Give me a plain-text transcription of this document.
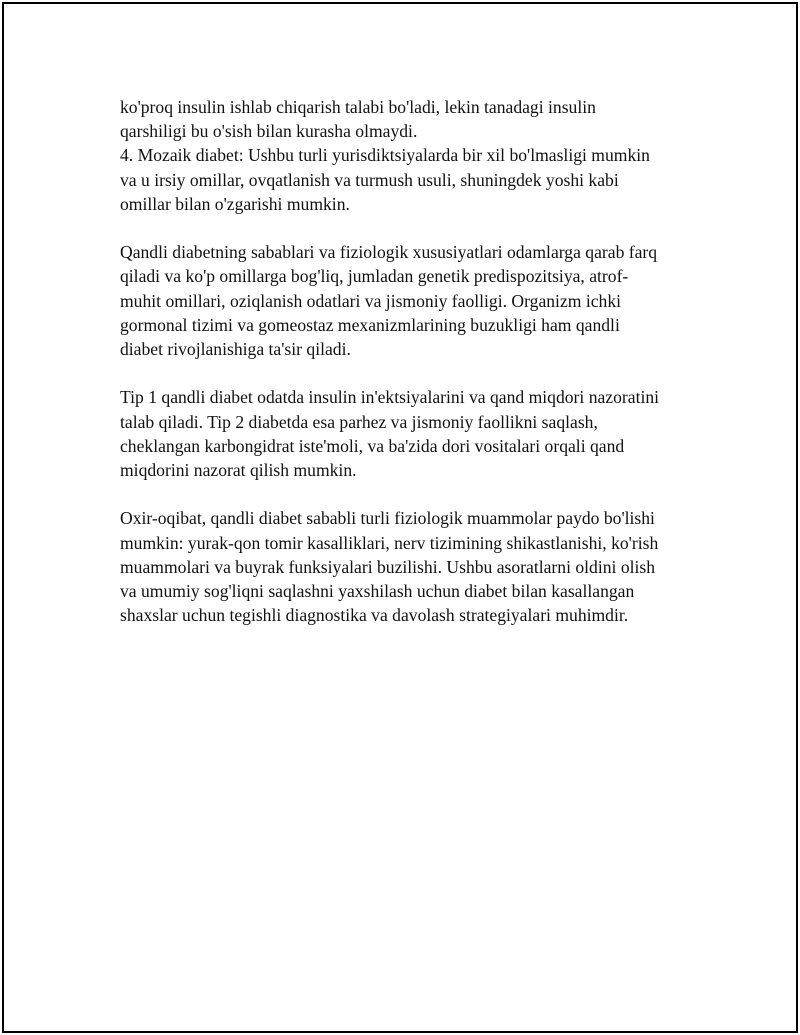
ko'proq insulin ishlab chiqarish talabi bo'ladi, lekin tanadagi insulin
qarshiligi bu o'sish bilan kurasha olmaydi.

4. Mozaik diabet: Ushbu turli yurisdiktsiyalarda bir xil bo'lmasligi mumkin
va u irsiy omillar, ovqatlanish va turmush usuli, shuningdek yoshi kabi
omillar bilan o'zgarishi mumkin.

Qandli diabetning sabablari va fiziologik xususiyatlari odamlarga qarab farq
qiladi va ko'p omillarga bog'liq, jumladan genetik predispozitsiya, atrof-
muhit omillari, oziqlanish odatlari va jismoniy faolligi. Organizm ichki
gormonal tizimi va gomeostaz mexanizmlarining buzukligi ham qandli
diabet rivojlanishiga ta'sir qiladi.

Tip 1 qandli diabet odatda insulin in'ektsiyalarini va qand miqdori nazoratini
talab qiladi. Tip 2 diabetda esa parhez va jismoniy faollikni saqlash,
cheklangan karbongidrat iste'moli, va ba'zida dori vositalari orqali qand
miqdorini nazorat qilish mumkin.

Oxir-oqibat, qandli diabet sababli turli fiziologik muammolar paydo bo'lishi
mumkin: yurak-qon tomir kasalliklari, nerv tizimining shikastlanishi, ko'rish
muammolari va buyrak funksiyalari buzilishi. Ushbu asoratlarni oldini olish
va umumiy sog'liqni saqlashni yaxshilash uchun diabet bilan kasallangan
shaxslar uchun tegishli diagnostika va davolash strategiyalari muhimdir.
